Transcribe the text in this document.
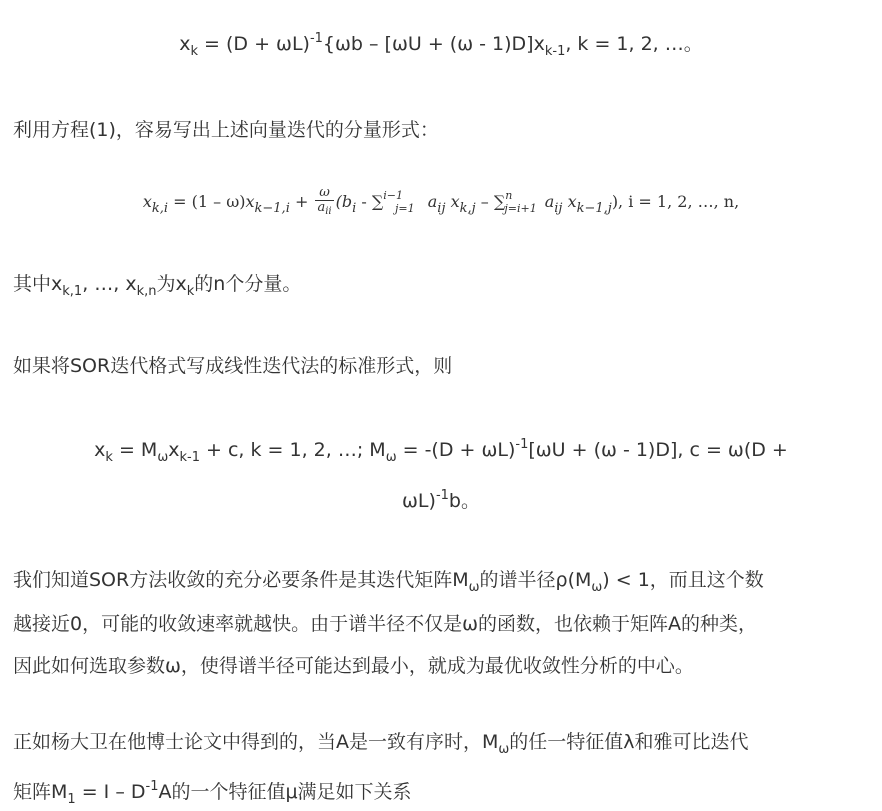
$x_k = (D + \omega L)^{-1}\{\omega b - [\omega U + (\omega - 1)D]x_{k-1}$, k = 1, 2, …。
利用方程(1)，容易写出上述向量迭代的分量形式：
$x_{k,i} = (1 - \omega)x_{k-1,i} + \frac{\omega}{a_{ii}} (b_i - \sum^{i-1}_{j=1}$ $a_{ij}$ $x_{k,j} - \sum^n_{j=i+1}$ $a_{ij}$ $x_{k-1,j}$), i = 1, 2, …, n,
其中$x_{k,1}$, …, $x_{k,n}$为$x_k$的n个分量。
如果将SOR迭代格式写成线性迭代法的标准形式，则
$x_k = M_\omega x_{k-1} + c$, k = 1, 2, …; $M_\omega = -(D + \omega L)^{-1}[\omega U + (\omega - 1)D]$, c = ω(D +
ωL)$^{-1}$b。
我们知道SOR方法收敛的充分必要条件是其迭代矩阵$M_\omega$的谱半径$\rho(M_\omega) < 1$，而且这个数
越接近0，可能的收敛速率就越快。由于谱半径不仅是ω的函数，也依赖于矩阵A的种类，
因此如何选取参数ω，使得谱半径可能达到最小，就成为最优收敛性分析的中心。
正如杨大卫在他博士论文中得到的，当A是一致有序时，$M_\omega$的任一特征值λ和雅可比迭代
矩阵$M_1 = I - D^{-1}A$的一个特征值μ满足如下关系
